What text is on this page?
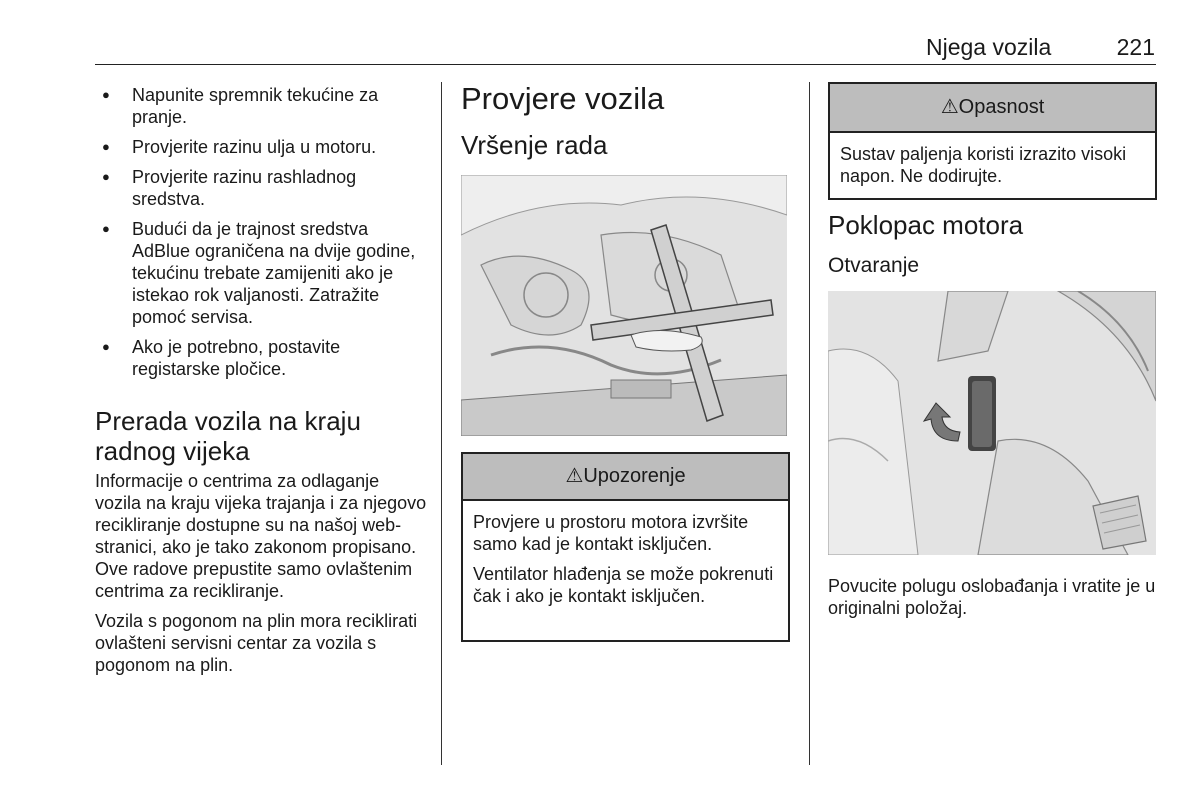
Njega vozila	221
● Napunite spremnik tekućine za pranje.
● Provjerite razinu ulja u motoru.
● Provjerite razinu rashladnog sredstva.
● Budući da je trajnost sredstva AdBlue ograničena na dvije godine, tekućinu trebate zamijeniti ako je istekao rok valjanosti. Zatražite pomoć servisa.
● Ako je potrebno, postavite registarske pločice.
Prerada vozila na kraju radnog vijeka

Informacije o centrima za odlaganje vozila na kraju vijeka trajanja i za njegovo recikliranje dostupne su na našoj web-stranici, ako je tako zakonom propisano. Ove radove prepustite samo ovlaštenim centrima za recikliranje.

Vozila s pogonom na plin mora reciklirati ovlašteni servisni centar za vozila s pogonom na plin.

Provjere vozila
Vršenje rada
⚠Upozorenje

Provjere u prostoru motora izvršite samo kad je kontakt isključen.

Ventilator hlađenja se može pokrenuti čak i ako je kontakt isključen.

⚠Opasnost

Sustav paljenja koristi izrazito visoki napon. Ne dodirujte.

Poklopac motora
Otvaranje

Povucite polugu oslobađanja i vratite je u originalni položaj.
